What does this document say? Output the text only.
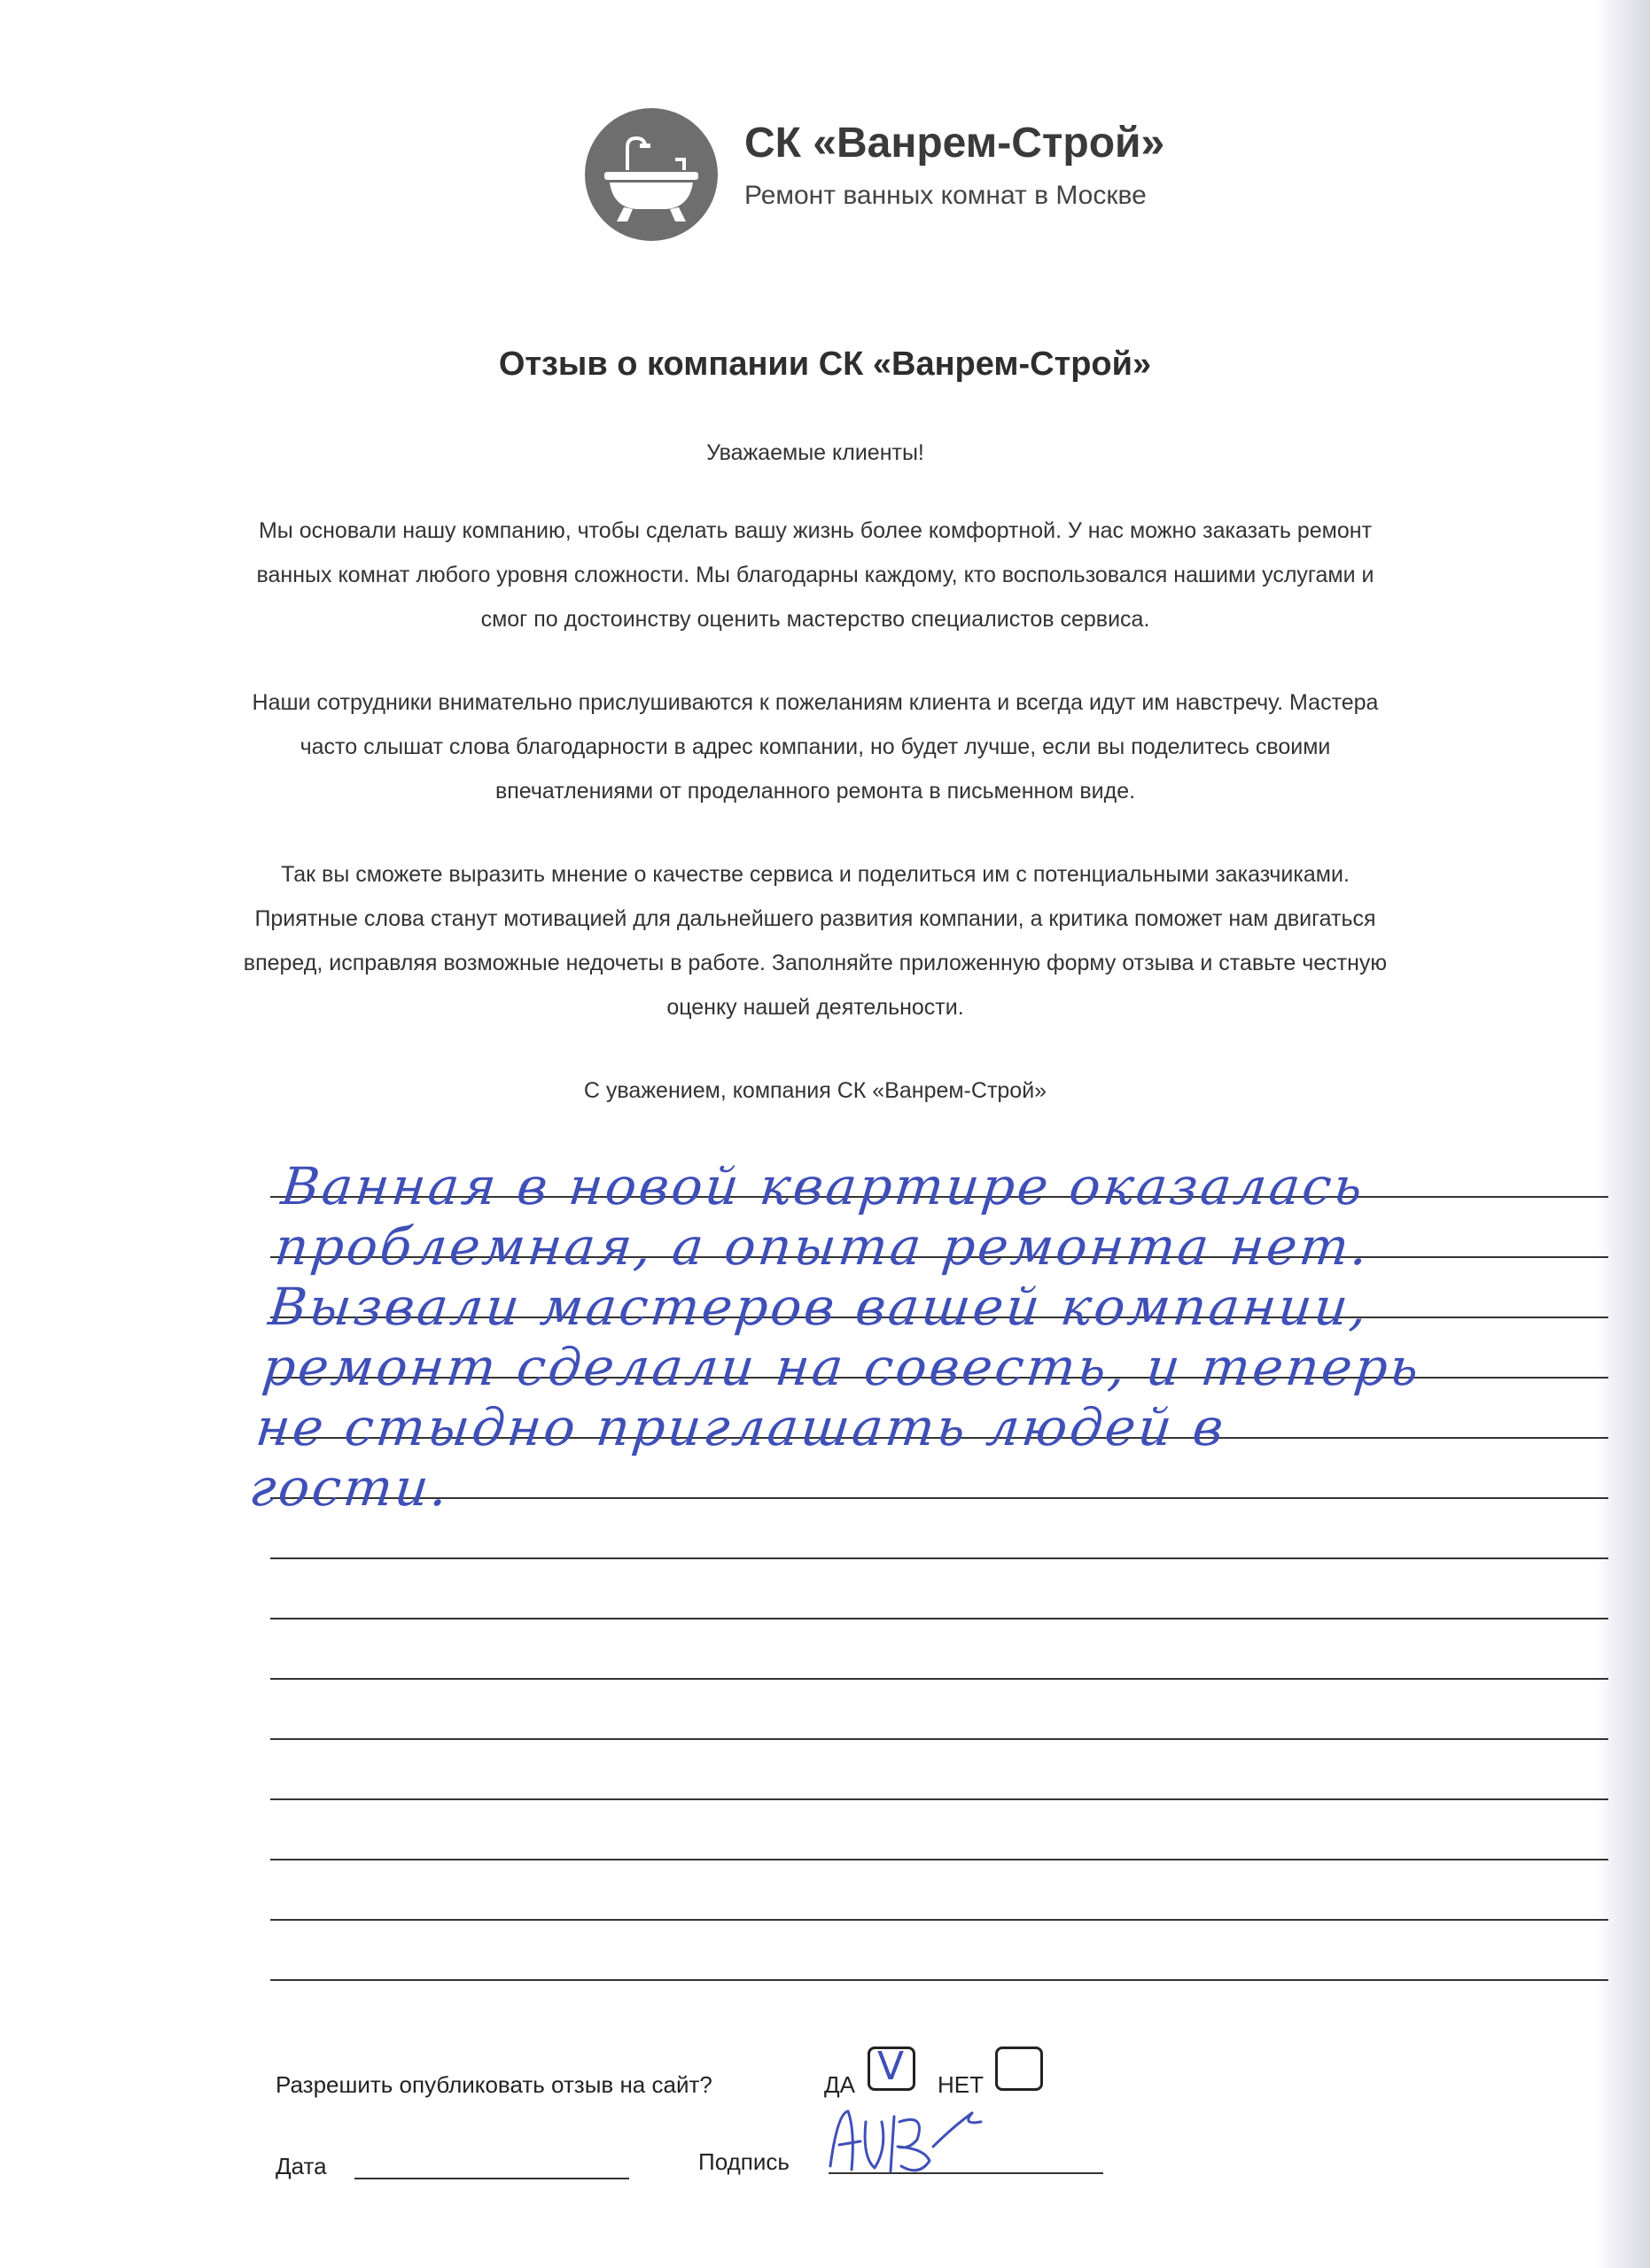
СК «Ванрем-Строй»
Ремонт ванных комнат в Москве
Отзыв о компании СК «Ванрем-Строй»

Уважаемые клиенты!

Мы основали нашу компанию, чтобы сделать вашу жизнь более комфортной. У нас можно заказать ремонт ванных комнат любого уровня сложности. Мы благодарны каждому, кто воспользовался нашими услугами и смог по достоинству оценить мастерство специалистов сервиса.

Наши сотрудники внимательно прислушиваются к пожеланиям клиента и всегда идут им навстречу. Мастера часто слышат слова благодарности в адрес компании, но будет лучше, если вы поделитесь своими впечатлениями от проделанного ремонта в письменном виде.

Так вы сможете выразить мнение о качестве сервиса и поделиться им с потенциальными заказчиками. Приятные слова станут мотивацией для дальнейшего развития компании, а критика поможет нам двигаться вперед, исправляя возможные недочеты в работе. Заполняйте приложенную форму отзыва и ставьте честную оценку нашей деятельности.

С уважением, компания СК «Ванрем-Строй»

Ванная в новой квартире оказалась
проблемная, а опыта ремонта нет.
Вызвали мастеров вашей компании,
ремонт сделали на совесть, и теперь
не стыдно приглашать людей в
гости.
Разрешить опубликовать отзыв на сайт?	ДА V НЕТ
Дата	Подпись
